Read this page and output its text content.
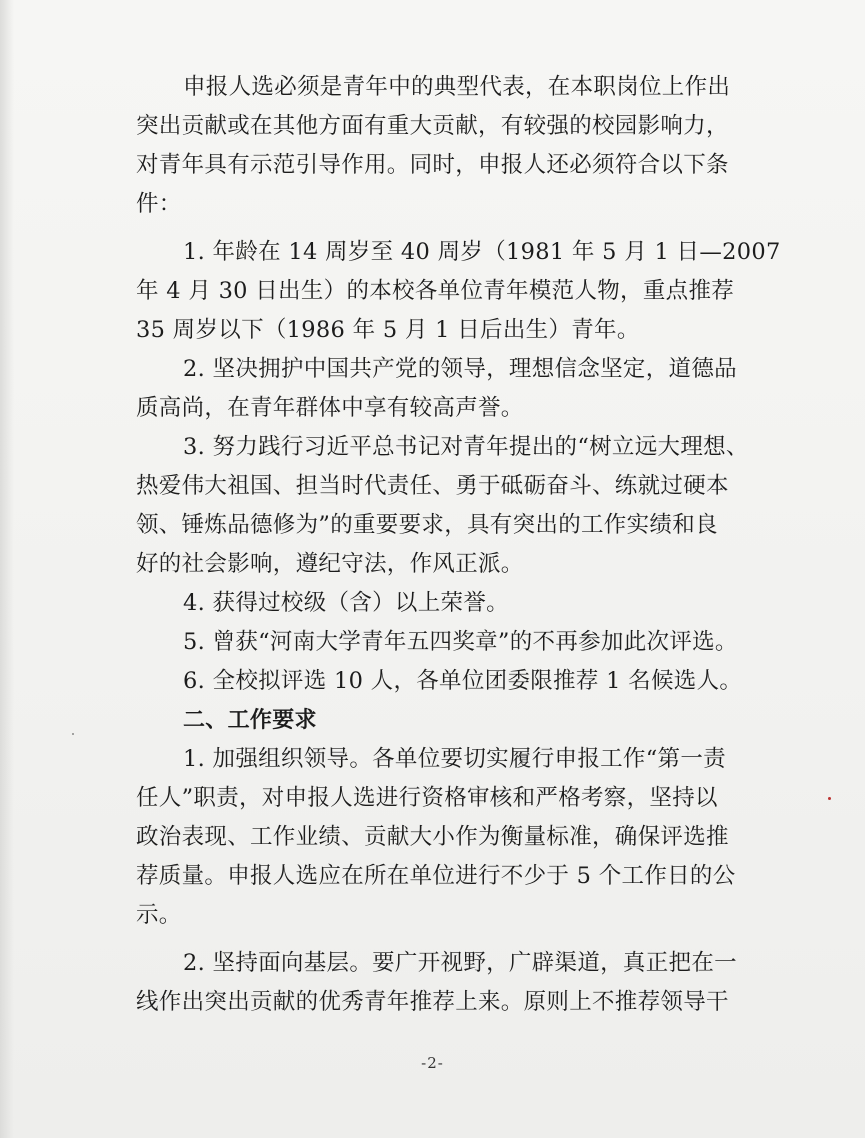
申报人选必须是青年中的典型代表，在本职岗位上作出
突出贡献或在其他方面有重大贡献，有较强的校园影响力，
对青年具有示范引导作用。同时，申报人还必须符合以下条
件：
1. 年龄在 14 周岁至 40 周岁（1981 年 5 月 1 日—2007
年 4 月 30 日出生）的本校各单位青年模范人物，重点推荐
35 周岁以下（1986 年 5 月 1 日后出生）青年。
2. 坚决拥护中国共产党的领导，理想信念坚定，道德品
质高尚，在青年群体中享有较高声誉。
3. 努力践行习近平总书记对青年提出的“树立远大理想、
热爱伟大祖国、担当时代责任、勇于砥砺奋斗、练就过硬本
领、锤炼品德修为”的重要要求，具有突出的工作实绩和良
好的社会影响，遵纪守法，作风正派。
4. 获得过校级（含）以上荣誉。
5. 曾获“河南大学青年五四奖章”的不再参加此次评选。
6. 全校拟评选 10 人，各单位团委限推荐 1 名候选人。
二、工作要求
1. 加强组织领导。各单位要切实履行申报工作“第一责
任人”职责，对申报人选进行资格审核和严格考察，坚持以
政治表现、工作业绩、贡献大小作为衡量标准，确保评选推
荐质量。申报人选应在所在单位进行不少于 5 个工作日的公
示。
2. 坚持面向基层。要广开视野，广辟渠道，真正把在一
线作出突出贡献的优秀青年推荐上来。原则上不推荐领导干
-2-
